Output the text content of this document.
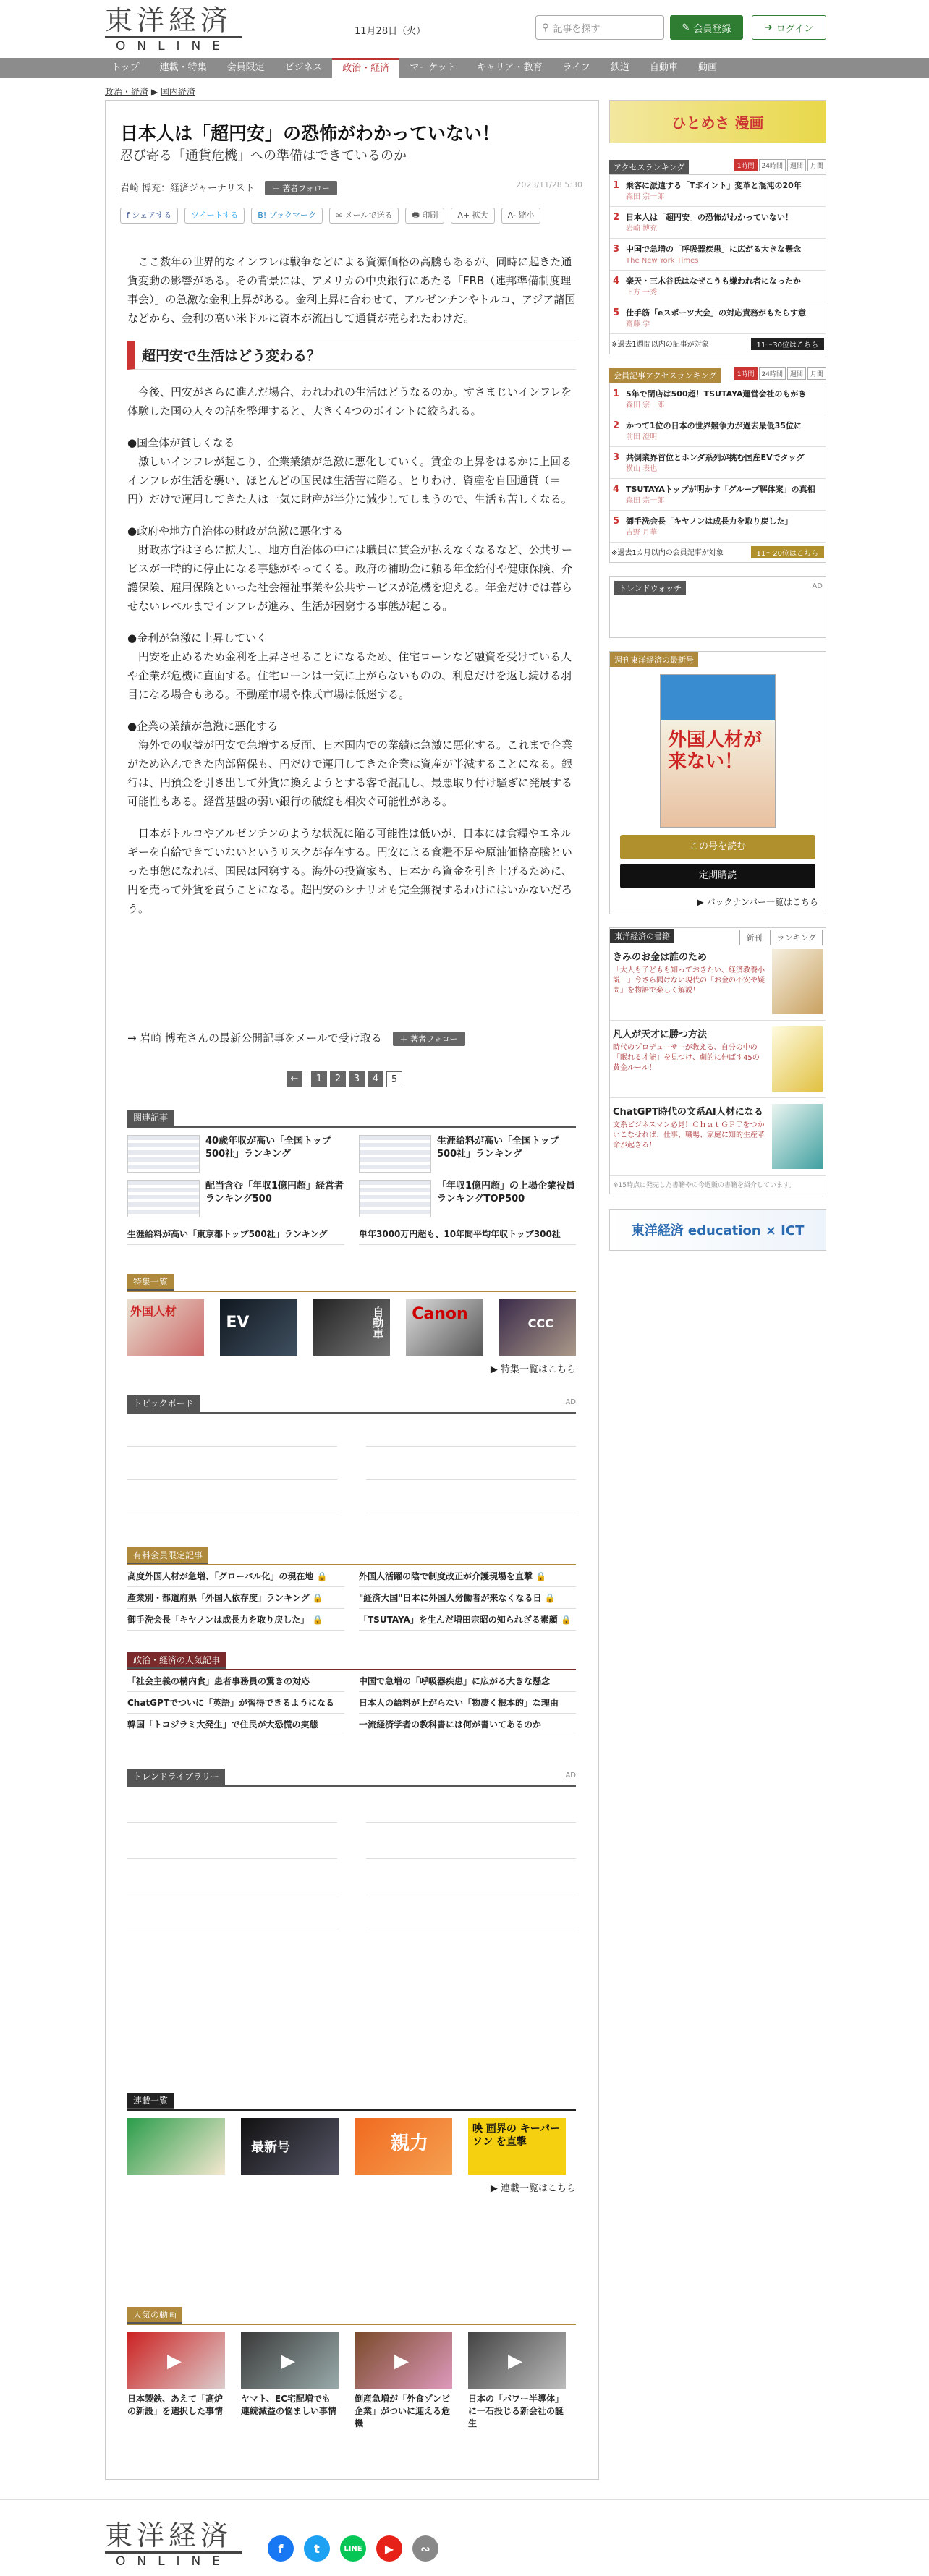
東洋経済
ONLINE
11月28日（火）	⚲ 記事を探す	✎ 会員登録	➜ ログイン
トップ	連載・特集	会員限定	ビジネス	政治・経済	マーケット	キャリア・教育	ライフ	鉄道	自動車	動画
政治・経済 ▶ 国内経済
日本人は「超円安」の恐怖がわかっていない！
忍び寄る「通貨危機」への準備はできているのか
岩崎 博充：経済ジャーナリスト ＋ 著者フォロー	2023/11/28 5:30
f シェアする	ツイートする	B! ブックマーク	✉ メールで送る	🖶 印刷	A+ 拡大	A- 縮小

ここ数年の世界的なインフレは戦争などによる資源価格の高騰もあるが、同時に起きた通貨変動の影響がある。その背景には、アメリカの中央銀行にあたる「FRB（連邦準備制度理事会）」の急激な金利上昇がある。金利上昇に合わせて、アルゼンチンやトルコ、アジア諸国などから、金利の高い米ドルに資本が流出して通貨が売られたわけだ。

超円安で生活はどう変わる？

今後、円安がさらに進んだ場合、われわれの生活はどうなるのか。すさまじいインフレを体験した国の人々の話を整理すると、大きく4つのポイントに絞られる。

●国全体が貧しくなる

激しいインフレが起こり、企業業績が急激に悪化していく。賃金の上昇をはるかに上回るインフレが生活を襲い、ほとんどの国民は生活苦に陥る。とりわけ、資産を自国通貨（＝円）だけで運用してきた人は一気に財産が半分に減少してしまうので、生活も苦しくなる。

●政府や地方自治体の財政が急激に悪化する

財政赤字はさらに拡大し、地方自治体の中には職員に賃金が払えなくなるなど、公共サービスが一時的に停止になる事態がやってくる。政府の補助金に頼る年金給付や健康保険、介護保険、雇用保険といった社会福祉事業や公共サービスが危機を迎える。年金だけでは暮らせないレベルまでインフレが進み、生活が困窮する事態が起こる。

●金利が急激に上昇していく

円安を止めるため金利を上昇させることになるため、住宅ローンなど融資を受けている人や企業が危機に直面する。住宅ローンは一気に上がらないものの、利息だけを返し続ける羽目になる場合もある。不動産市場や株式市場は低迷する。

●企業の業績が急激に悪化する

海外での収益が円安で急増する反面、日本国内での業績は急激に悪化する。これまで企業がため込んできた内部留保も、円だけで運用してきた企業は資産が半減することになる。銀行は、円預金を引き出して外貨に換えようとする客で混乱し、最悪取り付け騒ぎに発展する可能性もある。経営基盤の弱い銀行の破綻も相次ぐ可能性がある。

日本がトルコやアルゼンチンのような状況に陥る可能性は低いが、日本には食糧やエネルギーを自給できていないというリスクが存在する。円安による食糧不足や原油価格高騰といった事態になれば、国民は困窮する。海外の投資家も、日本から資金を引き上げるために、円を売って外貨を買うことになる。超円安のシナリオも完全無視するわけにはいかないだろう。

→ 岩崎 博充さんの最新公開記事をメールで受け取る ＋ 著者フォロー
←	1	2	3	4	5
関連記事
40歳年収が高い「全国トップ500社」ランキング
生涯給料が高い「全国トップ500社」ランキング
配当含む「年収1億円超」経営者ランキング500
「年収1億円超」の上場企業役員ランキングTOP500
生涯給料が高い「東京都トップ500社」ランキング	単年3000万円超も、10年間平均年収トップ300社
特集一覧
外国人材
EV	自動車 Canon
CCC
▶ 特集一覧はこちら
トピックボード	AD
有料会員限定記事
高度外国人材が急増、「グローバル化」の現在地 🔒	外国人活躍の陰で制度改正が介護現場を直撃 🔒
産業別・都道府県「外国人依存度」ランキング 🔒	"経済大国"日本に外国人労働者が来なくなる日 🔒
御手洗会長「キヤノンは成長力を取り戻した」 🔒	「TSUTAYA」を生んだ増田宗昭の知られざる素顔 🔒
政治・経済の人気記事
「社会主義の構内食」患者事務員の驚きの対応	中国で急増の「呼吸器疾患」に広がる大きな懸念
ChatGPTでついに「英語」が習得できるようになる	日本人の給料が上がらない「物凄く根本的」な理由
韓国「トコジラミ大発生」で住民が大恐慌の実態	一流経済学者の教科書には何が書いてあるのか
トレンドライブラリー	AD
連載一覧
最新号	親力
映 画界の キーパーソン を直撃
▶ 連載一覧はこちら
人気の動画
▶
日本製鉄、あえて「高炉の新設」を選択した事情
▶
ヤマト、EC宅配増でも連続減益の悩ましい事情
▶
倒産急増が「外食ゾンビ企業」がついに迎える危機
▶
日本の「パワー半導体」に一石投じる新会社の誕生
ひとめさ 漫画
アクセスランキング	1時間	24時間	週間	月間
1 乗客に派遣する「Tポイント」変革と混沌の20年
森田 宗一郎
2 日本人は「超円安」の恐怖がわかっていない！
岩崎 博充
3 中国で急増の「呼吸器疾患」に広がる大きな懸念
The New York Times
4 楽天・三木谷氏はなぜこうも嫌われ者になったか
下方 一秀
5 仕手筋「eスポーツ大会」の対応責務がもたらす意
齋藤 学
※過去1週間以内の記事が対象	11〜30位はこちら
会員記事アクセスランキング	1時間	24時間	週間	月間
1 5年で閉店は500超！TSUTAYA運営会社のもがき
森田 宗一郎
2 かつて1位の日本の世界競争力が過去最低35位に
前田 澄明
3 共倒業界首位とホンダ系列が挑む国産EVでタッグ
横山 表也
4 TSUTAYAトップが明かす「グループ解体案」の真相
森田 宗一郎
5 御手洗会長「キヤノンは成長力を取り戻した」
吉野 月華
※過去1カ月以内の会員記事が対象	11〜20位はこちら
トレンドウォッチ	AD
週刊東洋経済の最新号
外国人材が来ない！
この号を読む
定期購読
▶ バックナンバー一覧はこちら
東洋経済の書籍	新刊	ランキング
きみのお金は誰のため
「大人も子どもも知っておきたい、経済教養小説！」今さら聞けない現代の「お金の不安や疑問」を物語で楽しく解説！
凡人が天才に勝つ方法
時代のプロデューサーが教える、自分の中の「眠れる才能」を見つけ、劇的に伸ばす45の黄金ルール！
ChatGPT時代の文系AI人材になる
文系ビジネスマン必見！ＣｈａｔＧＰＴをつかいこなせれば、仕事、職場、家庭に知的生産革命が起きる！
※15時点に発売した書籍やの今週販の書籍を紹介しています。
東洋経済 education × ICT
東洋経済
ONLINE
f	t	LINE	▶	∾
